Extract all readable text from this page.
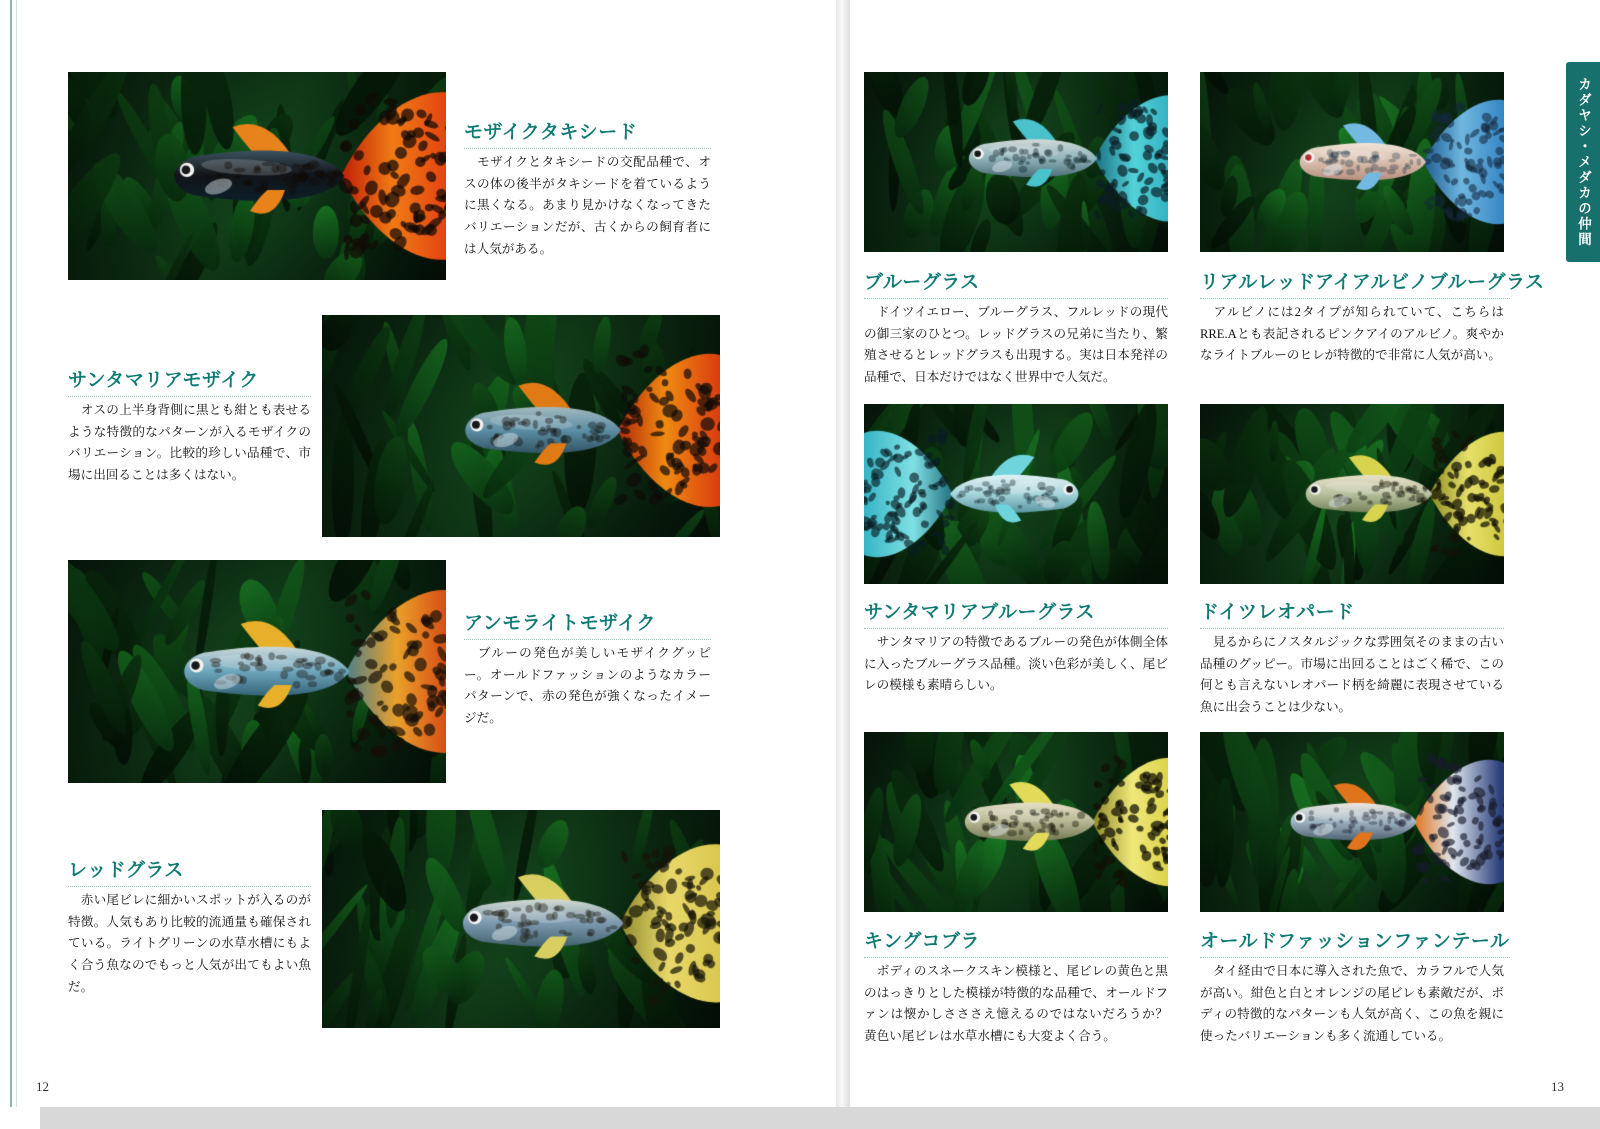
カダヤシ・メダカの仲間
モザイクタキシード
モザイクとタキシードの交配品種で、オスの体の後半がタキシードを着ているように黒くなる。あまり見かけなくなってきたバリエーションだが、古くからの飼育者には人気がある。
サンタマリアモザイク
オスの上半身背側に黒とも紺とも表せるような特徴的なパターンが入るモザイクのバリエーション。比較的珍しい品種で、市場に出回ることは多くはない。
アンモライトモザイク
ブルーの発色が美しいモザイクグッピー。オールドファッションのようなカラーパターンで、赤の発色が強くなったイメージだ。
レッドグラス
赤い尾ビレに細かいスポットが入るのが特徴。人気もあり比較的流通量も確保されている。ライトグリーンの水草水槽にもよく合う魚なのでもっと人気が出てもよい魚だ。
12
ブルーグラス
ドイツイエロー、ブルーグラス、フルレッドの現代の御三家のひとつ。レッドグラスの兄弟に当たり、繁殖させるとレッドグラスも出現する。実は日本発祥の品種で、日本だけではなく世界中で人気だ。
リアルレッドアイアルビノブルーグラス
アルビノには2タイプが知られていて、こちらはRRE.Aとも表記されるピンクアイのアルビノ。爽やかなライトブルーのヒレが特徴的で非常に人気が高い。
サンタマリアブルーグラス
サンタマリアの特徴であるブルーの発色が体側全体に入ったブルーグラス品種。淡い色彩が美しく、尾ビレの模様も素晴らしい。
ドイツレオパード
見るからにノスタルジックな雰囲気そのままの古い品種のグッピー。市場に出回ることはごく稀で、この何とも言えないレオパード柄を綺麗に表現させている魚に出会うことは少ない。
キングコブラ
ボディのスネークスキン模様と、尾ビレの黄色と黒のはっきりとした模様が特徴的な品種で、オールドファンは懐かしさささえ憶えるのではないだろうか？ 黄色い尾ビレは水草水槽にも大変よく合う。
オールドファッションファンテール
タイ経由で日本に導入された魚で、カラフルで人気が高い。紺色と白とオレンジの尾ビレも素敵だが、ボディの特徴的なパターンも人気が高く、この魚を親に使ったバリエーションも多く流通している。
13
